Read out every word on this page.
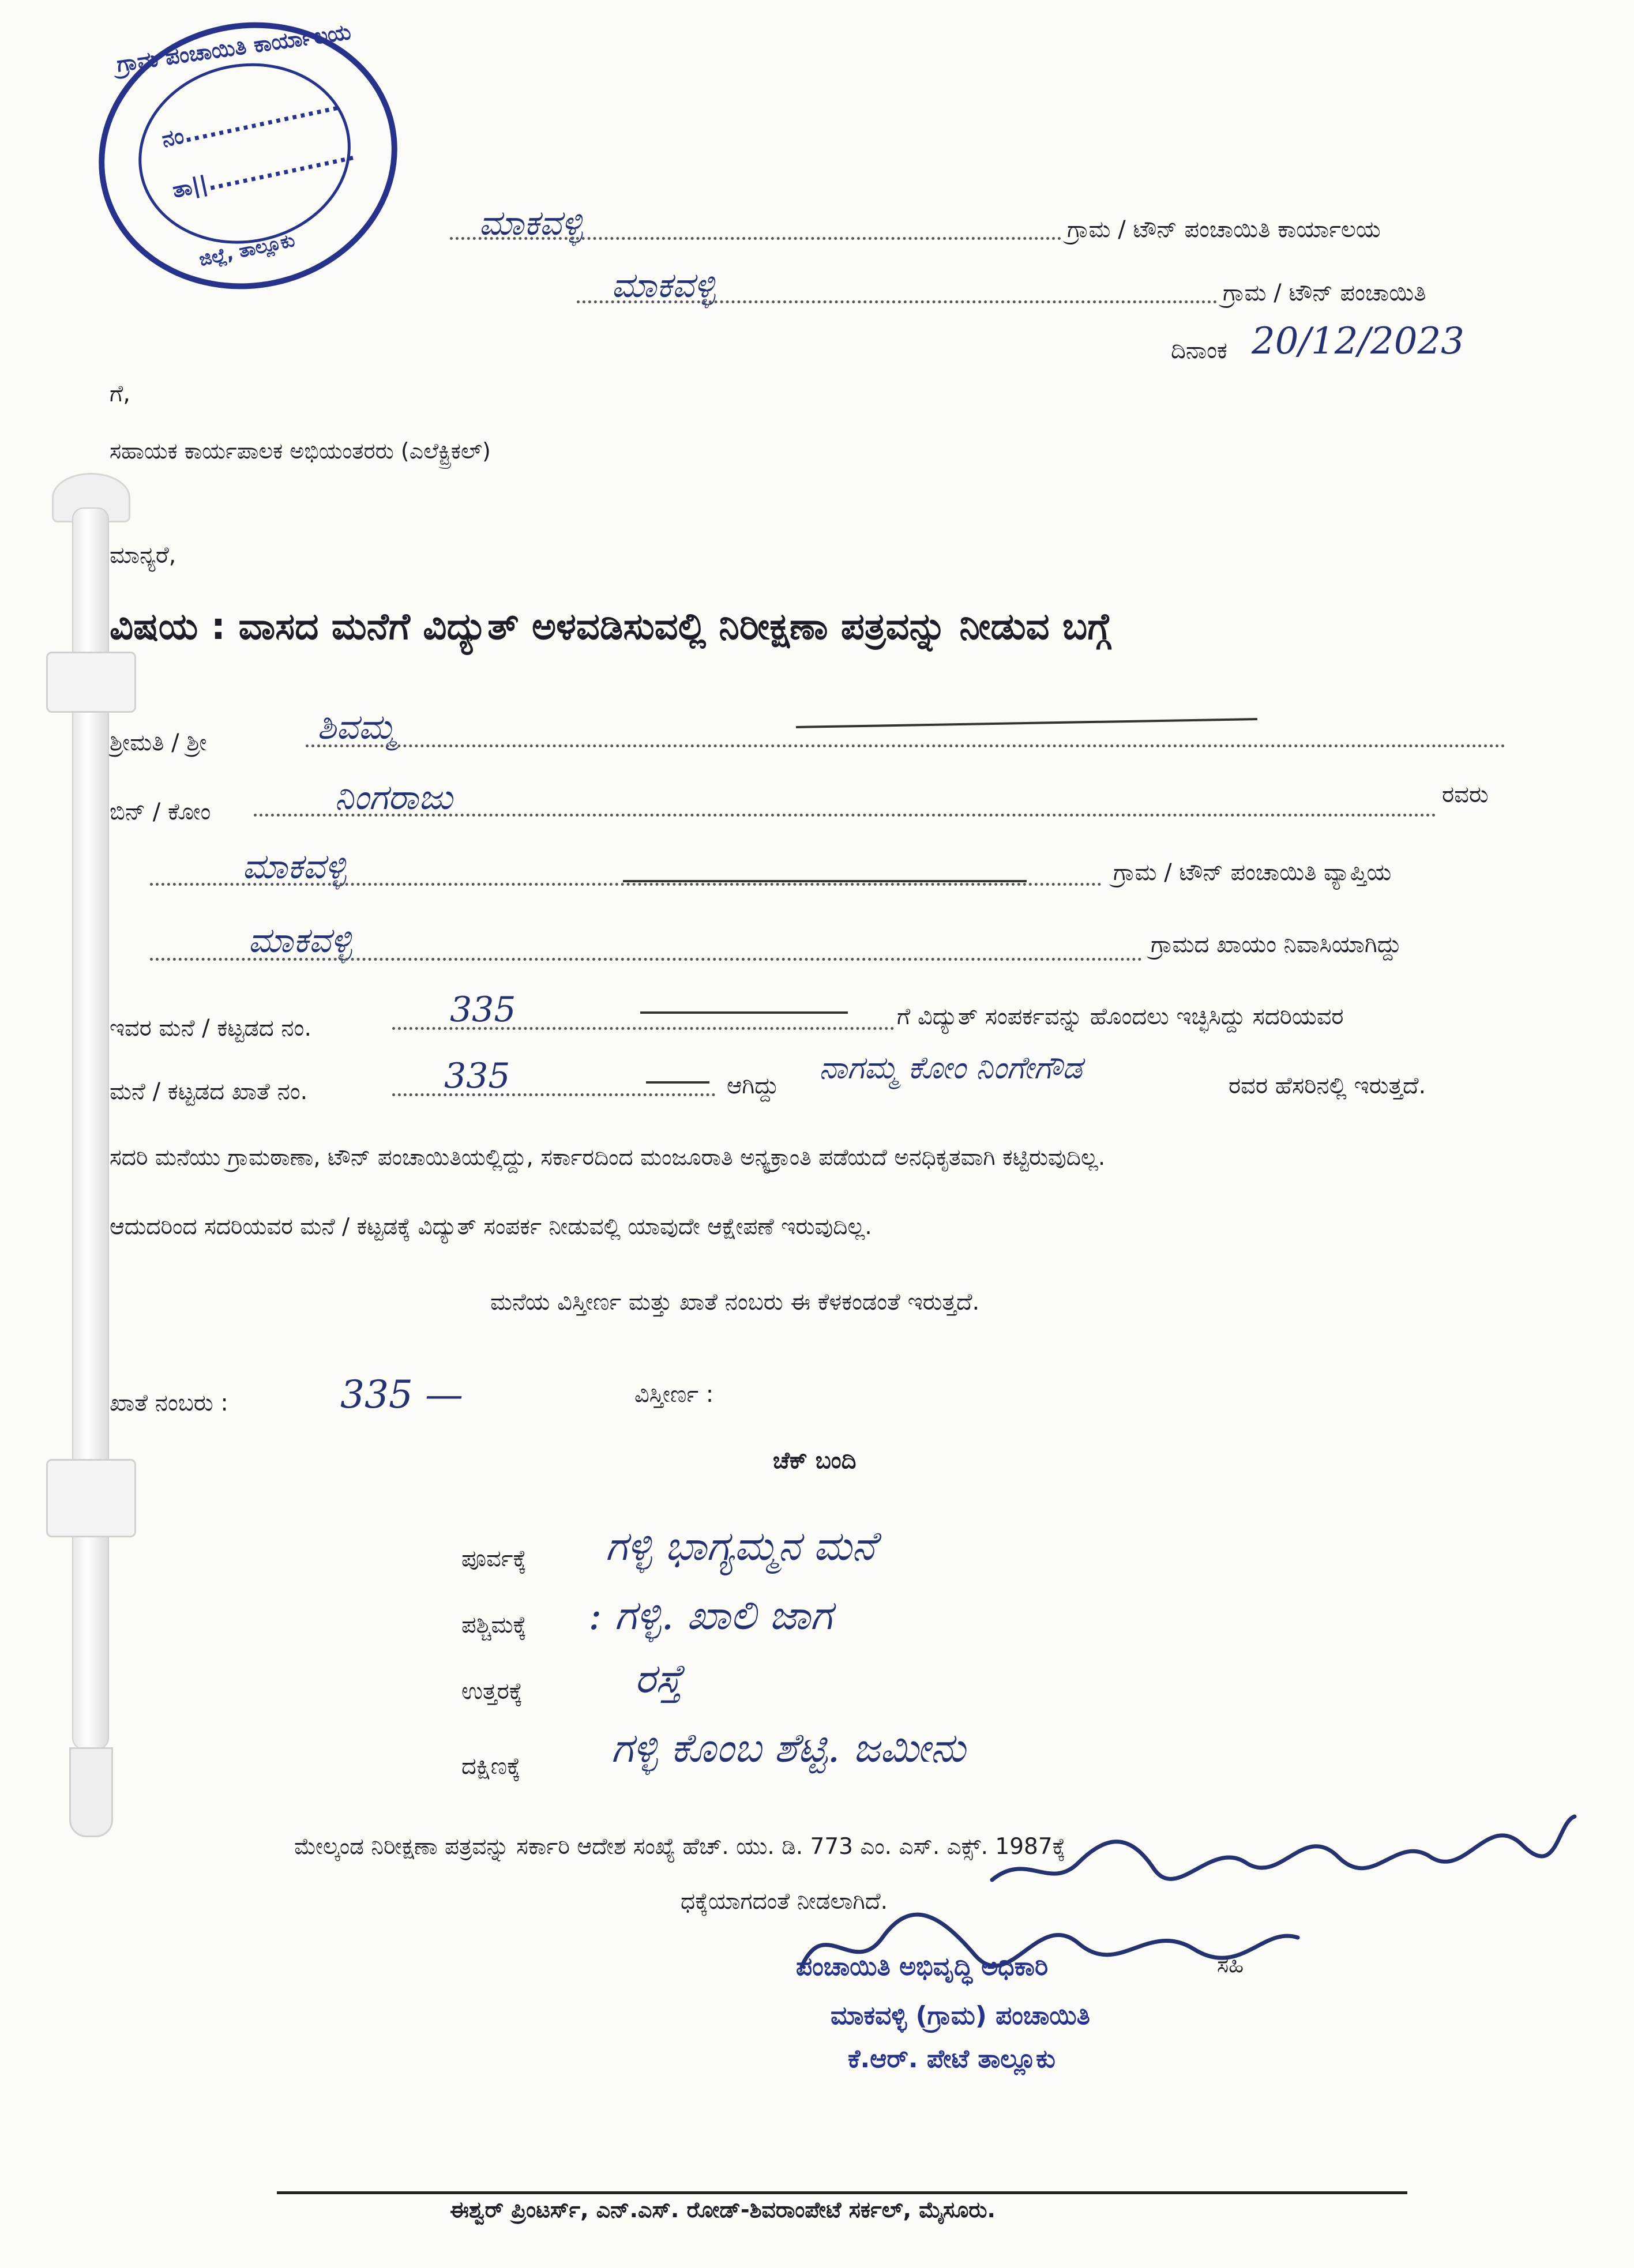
ಗ್ರಾಮ ಪಂಚಾಯಿತಿ ಕಾರ್ಯಾಲಯ
ನಂ...................
ತಾ||..................
ಜಿಲ್ಲೆ, ತಾಲ್ಲೂಕು
ಮಾಕವಳ್ಳಿ	ಗ್ರಾಮ / ಟೌನ್ ಪಂಚಾಯಿತಿ ಕಾರ್ಯಾಲಯ
ಮಾಕವಳ್ಳಿ	ಗ್ರಾಮ / ಟೌನ್ ಪಂಚಾಯಿತಿ
ದಿನಾಂಕ 20/12/2023
ಗೆ,
ಸಹಾಯಕ ಕಾರ್ಯಪಾಲಕ ಅಭಿಯಂತರರು (ಎಲೆಕ್ಟ್ರಿಕಲ್)
ಮಾನ್ಯರೆ,
ವಿಷಯ : ವಾಸದ ಮನೆಗೆ ವಿದ್ಯುತ್ ಅಳವಡಿಸುವಲ್ಲಿ ನಿರೀಕ್ಷಣಾ ಪತ್ರವನ್ನು ನೀಡುವ ಬಗ್ಗೆ
ಶ್ರೀಮತಿ / ಶ್ರೀ	ಶಿವಮ್ಮ
ಬಿನ್ / ಕೋಂ	ನಿಂಗರಾಜು	ರವರು
ಮಾಕವಳ್ಳಿ	ಗ್ರಾಮ / ಟೌನ್ ಪಂಚಾಯಿತಿ ವ್ಯಾಪ್ತಿಯ
ಮಾಕವಳ್ಳಿ	ಗ್ರಾಮದ ಖಾಯಂ ನಿವಾಸಿಯಾಗಿದ್ದು
ಇವರ ಮನೆ / ಕಟ್ಟಡದ ನಂ.	335	ಗೆ ವಿದ್ಯುತ್ ಸಂಪರ್ಕವನ್ನು ಹೊಂದಲು ಇಚ್ಛಿಸಿದ್ದು ಸದರಿಯವರ
ಮನೆ / ಕಟ್ಟಡದ ಖಾತೆ ನಂ.	335	ಆಗಿದ್ದು ನಾಗಮ್ಮ ಕೋಂ ನಿಂಗೇಗೌಡ	ರವರ ಹೆಸರಿನಲ್ಲಿ ಇರುತ್ತದೆ.
ಸದರಿ ಮನೆಯು ಗ್ರಾಮಠಾಣಾ, ಟೌನ್ ಪಂಚಾಯಿತಿಯಲ್ಲಿದ್ದು, ಸರ್ಕಾರದಿಂದ ಮಂಜೂರಾತಿ ಅನ್ಯಕ್ರಾಂತಿ ಪಡೆಯದೆ ಅನಧಿಕೃತವಾಗಿ ಕಟ್ಟಿರುವುದಿಲ್ಲ.
ಆದುದರಿಂದ ಸದರಿಯವರ ಮನೆ / ಕಟ್ಟಡಕ್ಕೆ ವಿದ್ಯುತ್ ಸಂಪರ್ಕ ನೀಡುವಲ್ಲಿ ಯಾವುದೇ ಆಕ್ಷೇಪಣೆ ಇರುವುದಿಲ್ಲ.
ಮನೆಯ ವಿಸ್ತೀರ್ಣ ಮತ್ತು ಖಾತೆ ನಂಬರು ಈ ಕೆಳಕಂಡಂತೆ ಇರುತ್ತದೆ.
ಖಾತೆ ನಂಬರು :	335 —	ವಿಸ್ತೀರ್ಣ :
ಚೆಕ್ ಬಂದಿ
ಪೂರ್ವಕ್ಕೆ ಗಳ್ಳಿ ಭಾಗ್ಯಮ್ಮನ ಮನೆ
ಪಶ್ಚಿಮಕ್ಕೆ : ಗಳ್ಳಿ. ಖಾಲಿ ಜಾಗ
ಉತ್ತರಕ್ಕೆ	ರಸ್ತೆ
ದಕ್ಷಿಣಕ್ಕೆ ಗಳ್ಳಿ ಕೊಂಬ ಶೆಟ್ಟಿ. ಜಮೀನು
ಮೇಲ್ಕಂಡ ನಿರೀಕ್ಷಣಾ ಪತ್ರವನ್ನು ಸರ್ಕಾರಿ ಆದೇಶ ಸಂಖ್ಯೆ ಹೆಚ್. ಯು. ಡಿ. 773 ಎಂ. ಎಸ್. ಎಕ್ಸ್. 1987ಕ್ಕೆ
ಧಕ್ಕೆಯಾಗದಂತೆ ನೀಡಲಾಗಿದೆ.
ಪಂಚಾಯಿತಿ ಅಭಿವೃದ್ಧಿ ಅಧಿಕಾರಿ	ಸಹಿ
ಮಾಕವಳ್ಳಿ (ಗ್ರಾಮ) ಪಂಚಾಯಿತಿ
ಕೆ.ಆರ್. ಪೇಟೆ ತಾಲ್ಲೂಕು
ಈಶ್ವರ್ ಪ್ರಿಂಟರ್ಸ್, ಎನ್.ಎಸ್. ರೋಡ್-ಶಿವರಾಂಪೇಟೆ ಸರ್ಕಲ್, ಮೈಸೂರು.
